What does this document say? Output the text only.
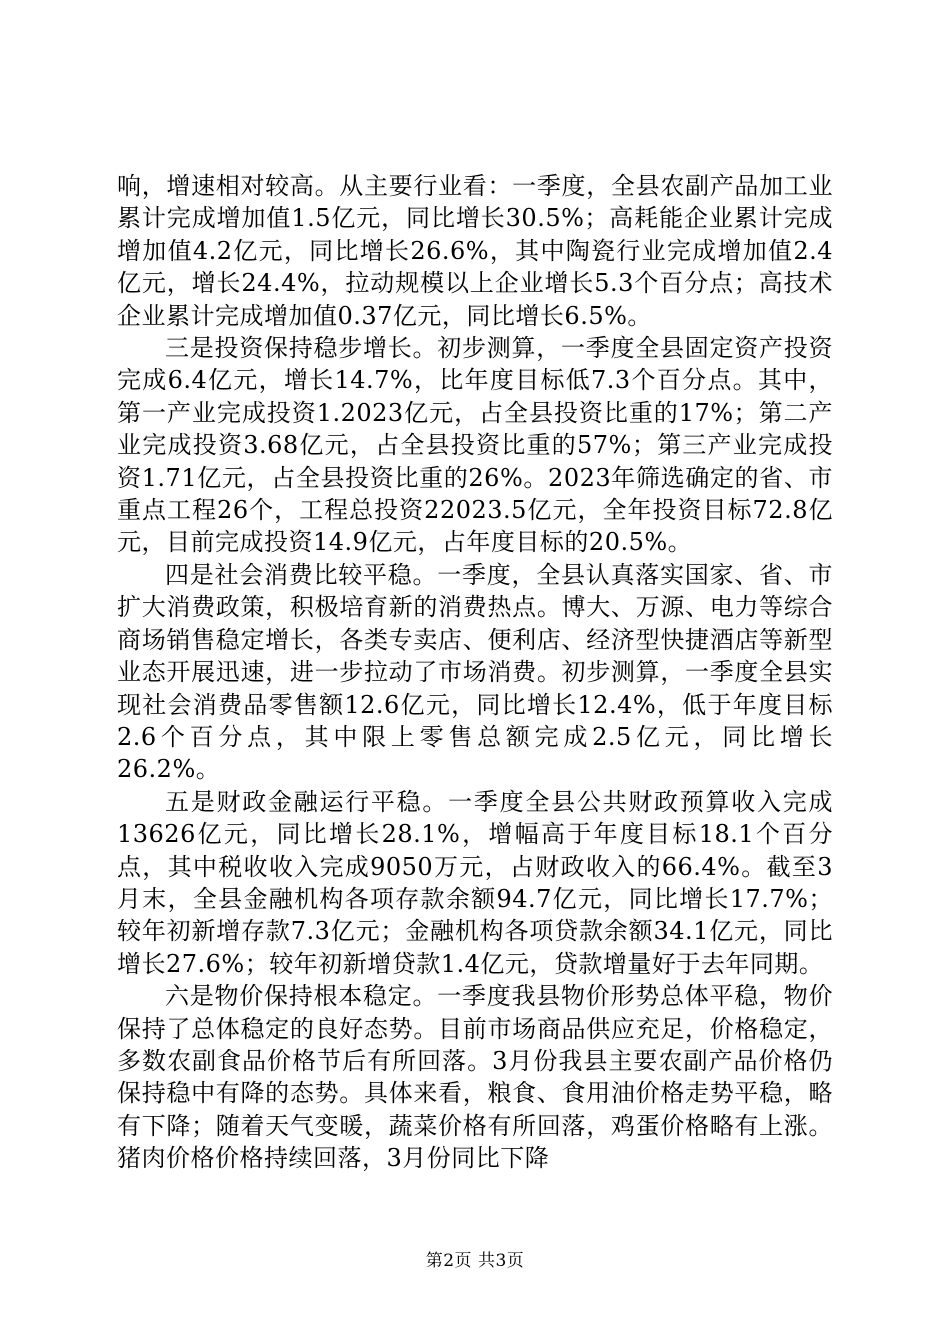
响，增速相对较高。从主要行业看：一季度，全县农副产品加工业累计完成增加值1.5亿元，同比增长30.5%；高耗能企业累计完成增加值4.2亿元，同比增长26.6%，其中陶瓷行业完成增加值2.4亿元，增长24.4%，拉动规模以上企业增长5.3个百分点；高技术企业累计完成增加值0.37亿元，同比增长6.5%。

三是投资保持稳步增长。初步测算，一季度全县固定资产投资完成6.4亿元，增长14.7%，比年度目标低7.3个百分点。其中，第一产业完成投资1.2023亿元，占全县投资比重的17%；第二产业完成投资3.68亿元，占全县投资比重的57%；第三产业完成投资1.71亿元，占全县投资比重的26%。2023年筛选确定的省、市重点工程26个，工程总投资22023.5亿元，全年投资目标72.8亿元，目前完成投资14.9亿元，占年度目标的20.5%。

四是社会消费比较平稳。一季度，全县认真落实国家、省、市扩大消费政策，积极培育新的消费热点。博大、万源、电力等综合商场销售稳定增长，各类专卖店、便利店、经济型快捷酒店等新型业态开展迅速，进一步拉动了市场消费。初步测算，一季度全县实现社会消费品零售额12.6亿元，同比增长12.4%，低于年度目标2.6个百分点，其中限上零售总额完成2.5亿元，同比增长26.2%。

五是财政金融运行平稳。一季度全县公共财政预算收入完成13626亿元，同比增长28.1%，增幅高于年度目标18.1个百分点，其中税收收入完成9050万元，占财政收入的66.4%。截至3月末，全县金融机构各项存款余额94.7亿元，同比增长17.7%；较年初新增存款7.3亿元；金融机构各项贷款余额34.1亿元，同比增长27.6%；较年初新增贷款1.4亿元，贷款增量好于去年同期。

六是物价保持根本稳定。一季度我县物价形势总体平稳，物价保持了总体稳定的良好态势。目前市场商品供应充足，价格稳定，多数农副食品价格节后有所回落。3月份我县主要农副产品价格仍保持稳中有降的态势。具体来看，粮食、食用油价格走势平稳，略有下降；随着天气变暖，蔬菜价格有所回落，鸡蛋价格略有上涨。猪肉价格价格持续回落，3月份同比下降

第2页 共3页
